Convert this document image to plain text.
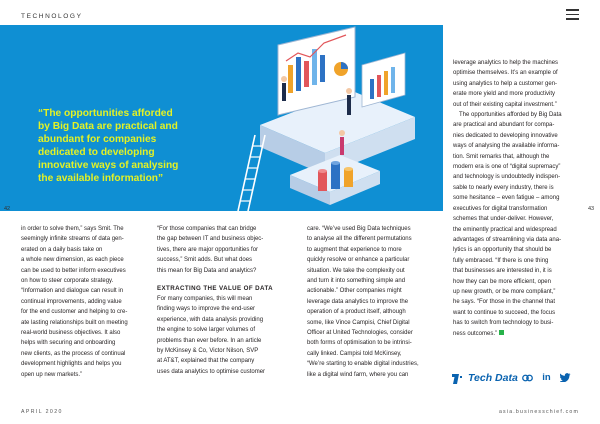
TECHNOLOGY
“The opportunities afforded
by Big Data are practical and
abundant for companies
dedicated to developing
innovative ways of analysing
the available information”
42	43

in order to solve them,” says Smit. The

seemingly infinite streams of data gen-

erated on a daily basis take on

a whole new dimension, as each piece

can be used to better inform executives

on how to steer corporate strategy.

“Information and dialogue can result in

continual improvements, adding value

for the end customer and helping to cre-

ate lasting relationships built on meeting

real-world business objectives. It also

helps with securing and onboarding

new clients, as the process of continual

development highlights and helps you

open up new markets.”

“For those companies that can bridge

the gap between IT and business objec-

tives, there are major opportunities for

success,” Smit adds. But what does

this mean for Big Data and analytics?

EXTRACTING THE VALUE OF DATA

For many companies, this will mean

finding ways to improve the end-user

experience, with data analysis providing

the engine to solve larger volumes of

problems than ever before. In an article

by McKinsey & Co, Victor Nilson, SVP

at AT&T, explained that the company

uses data analytics to optimise customer

care. “We’ve used Big Data techniques

to analyse all the different permutations

to augment that experience to more

quickly resolve or enhance a particular

situation. We take the complexity out

and turn it into something simple and

actionable.” Other companies might

leverage data analytics to improve the

operation of a product itself, although

some, like Vince Campisi, Chief Digital

Officer at United Technologies, consider

both forms of optimisation to be intrinsi-

cally linked. Campisi told McKinsey,

“We’re starting to enable digital industries,

like a digital wind farm, where you can

leverage analytics to help the machines

optimise themselves. It’s an example of

using analytics to help a customer gen-

erate more yield and more productivity

out of their existing capital investment.”

The opportunities afforded by Big Data

are practical and abundant for compa-

nies dedicated to developing innovative

ways of analysing the available informa-

tion. Smit remarks that, although the

modern era is one of “digital supremacy”

and technology is undoubtedly indispen-

sable to nearly every industry, there is

some hesitance – even fatigue – among

executives for digital transformation

schemes that under-deliver. However,

the eminently practical and widespread

advantages of streamlining via data ana-

lytics is an opportunity that should be

fully embraced. “If there is one thing

that businesses are interested in, it is

how they can be more efficient, open

up new growth, or be more compliant,”

he says. “For those in the channel that

want to continue to succeed, the focus

has to switch from technology to busi-

ness outcomes.”

Tech Data	in
APRIL 2020	asia.businesschief.com
